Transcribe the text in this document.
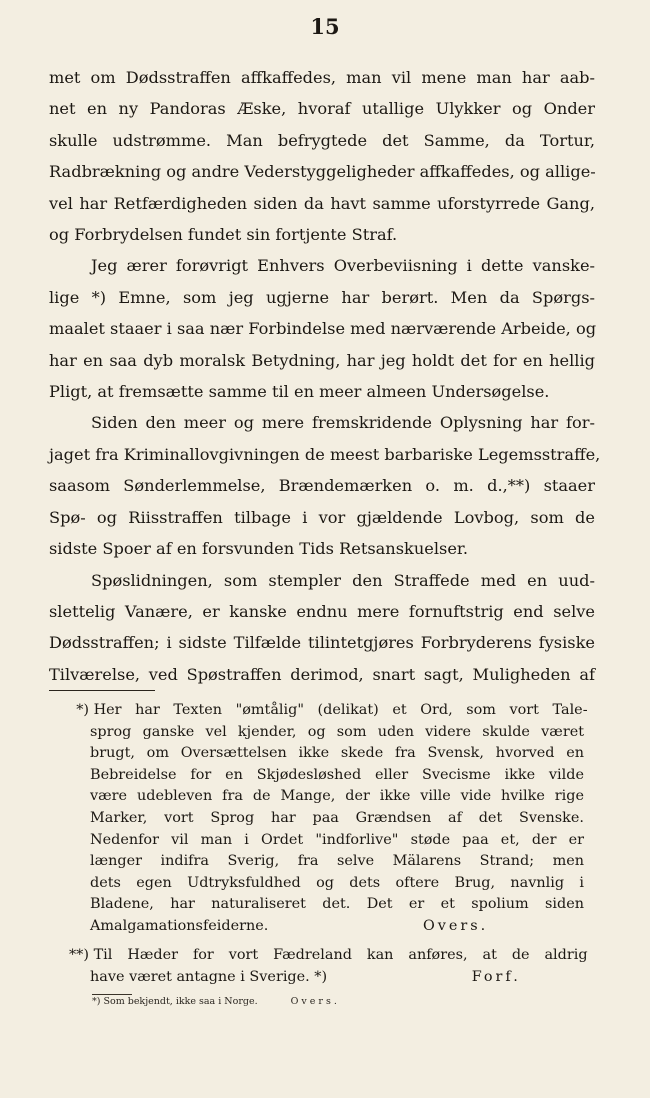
15
met om Dødsstraffen affkaffedes, man vil mene man har aab-
net en ny Pandoras Æske, hvoraf utallige Ulykker og Onder
skulle udstrømme. Man befrygtede det Samme, da Tortur,
Radbrækning og andre Vederstyggeligheder affkaffedes, og allige-
vel har Retfærdigheden siden da havt samme uforstyrrede Gang,
og Forbrydelsen fundet sin fortjente Straf.
Jeg ærer forøvrigt Enhvers Overbeviisning i dette vanske-
lige *) Emne, som jeg ugjerne har berørt. Men da Spørgs-
maalet staaer i saa nær Forbindelse med nærværende Arbeide, og
har en saa dyb moralsk Betydning, har jeg holdt det for en hellig
Pligt, at fremsætte samme til en meer almeen Undersøgelse.
Siden den meer og mere fremskridende Oplysning har for-
jaget fra Kriminallovgivningen de meest barbariske Legemsstraffe,
saasom Sønderlemmelse, Brændemærken o. m. d.,**) staaer
Spø- og Riisstraffen tilbage i vor gjældende Lovbog, som de
sidste Spoer af en forsvunden Tids Retsanskuelser.
Spøslidningen, som stempler den Straffede med en uud-
slettelig Vanære, er kanske endnu mere fornuftstrig end selve
Dødsstraffen; i sidste Tilfælde tilintetgjøres Forbryderens fysiske
Tilværelse, ved Spøstraffen derimod, snart sagt, Muligheden af
*) Her har Texten "ømtålig" (delikat) et Ord, som vort Tale-
sprog ganske vel kjender, og som uden videre skulde været
brugt, om Oversættelsen ikke skede fra Svensk, hvorved en
Bebreidelse for en Skjødesløshed eller Svecisme ikke vilde
være udebleven fra de Mange, der ikke ville vide hvilke rige
Marker, vort Sprog har paa Grændsen af det Svenske.
Nedenfor vil man i Ordet "indforlive" støde paa et, der er
længer indifra Sverig, fra selve Mälarens Strand; men
dets egen Udtryksfuldhed og dets oftere Brug, navnlig i
Bladene, har naturaliseret det. Det er et spolium siden
Amalgamationsfeiderne.	Overs.
**) Til Hæder for vort Fædreland kan anføres, at de aldrig
have været antagne i Sverige. *)	Forf.
*) Som bekjendt, ikke saa i Norge.	Overs.
